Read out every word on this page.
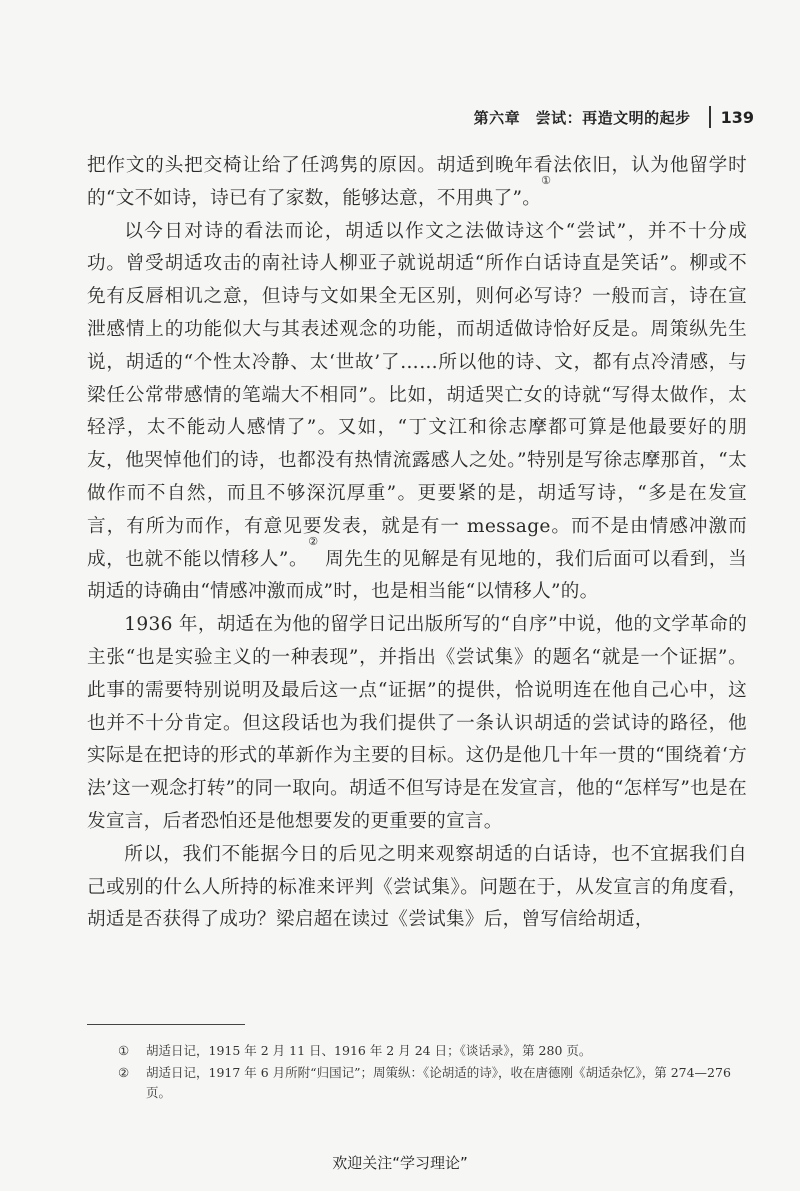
第六章　尝试：再造文明的起步 139

把作文的头把交椅让给了任鸿隽的原因。胡适到晚年看法依旧，认为他留学时的“文不如诗，诗已有了家数，能够达意，不用典了”。①

以今日对诗的看法而论，胡适以作文之法做诗这个“尝试”，并不十分成功。曾受胡适攻击的南社诗人柳亚子就说胡适“所作白话诗直是笑话”。柳或不免有反唇相讥之意，但诗与文如果全无区别，则何必写诗？一般而言，诗在宣泄感情上的功能似大与其表述观念的功能，而胡适做诗恰好反是。周策纵先生说，胡适的“个性太冷静、太‘世故’了……所以他的诗、文，都有点冷清感，与梁任公常带感情的笔端大不相同”。比如，胡适哭亡女的诗就“写得太做作，太轻浮，太不能动人感情了”。又如，“丁文江和徐志摩都可算是他最要好的朋友，他哭悼他们的诗，也都没有热情流露感人之处。”特别是写徐志摩那首，“太做作而不自然，而且不够深沉厚重”。更要紧的是，胡适写诗，“多是在发宣言，有所为而作，有意见要发表，就是有一 message。而不是由情感冲激而成，也就不能以情移人”。② 周先生的见解是有见地的，我们后面可以看到，当胡适的诗确由“情感冲激而成”时，也是相当能“以情移人”的。

1936 年，胡适在为他的留学日记出版所写的“自序”中说，他的文学革命的主张“也是实验主义的一种表现”，并指出《尝试集》的题名“就是一个证据”。此事的需要特别说明及最后这一点“证据”的提供，恰说明连在他自己心中，这也并不十分肯定。但这段话也为我们提供了一条认识胡适的尝试诗的路径，他实际是在把诗的形式的革新作为主要的目标。这仍是他几十年一贯的“围绕着‘方法’这一观念打转”的同一取向。胡适不但写诗是在发宣言，他的“怎样写”也是在发宣言，后者恐怕还是他想要发的更重要的宣言。

所以，我们不能据今日的后见之明来观察胡适的白话诗，也不宜据我们自己或别的什么人所持的标准来评判《尝试集》。问题在于，从发宣言的角度看，胡适是否获得了成功？梁启超在读过《尝试集》后，曾写信给胡适，

①	胡适日记，1915 年 2 月 11 日、1916 年 2 月 24 日；《谈话录》，第 280 页。
②	胡适日记，1917 年 6 月所附“归国记”；周策纵：《论胡适的诗》，收在唐德刚《胡适杂忆》，第 274—276 页。
欢迎关注“学习理论”
